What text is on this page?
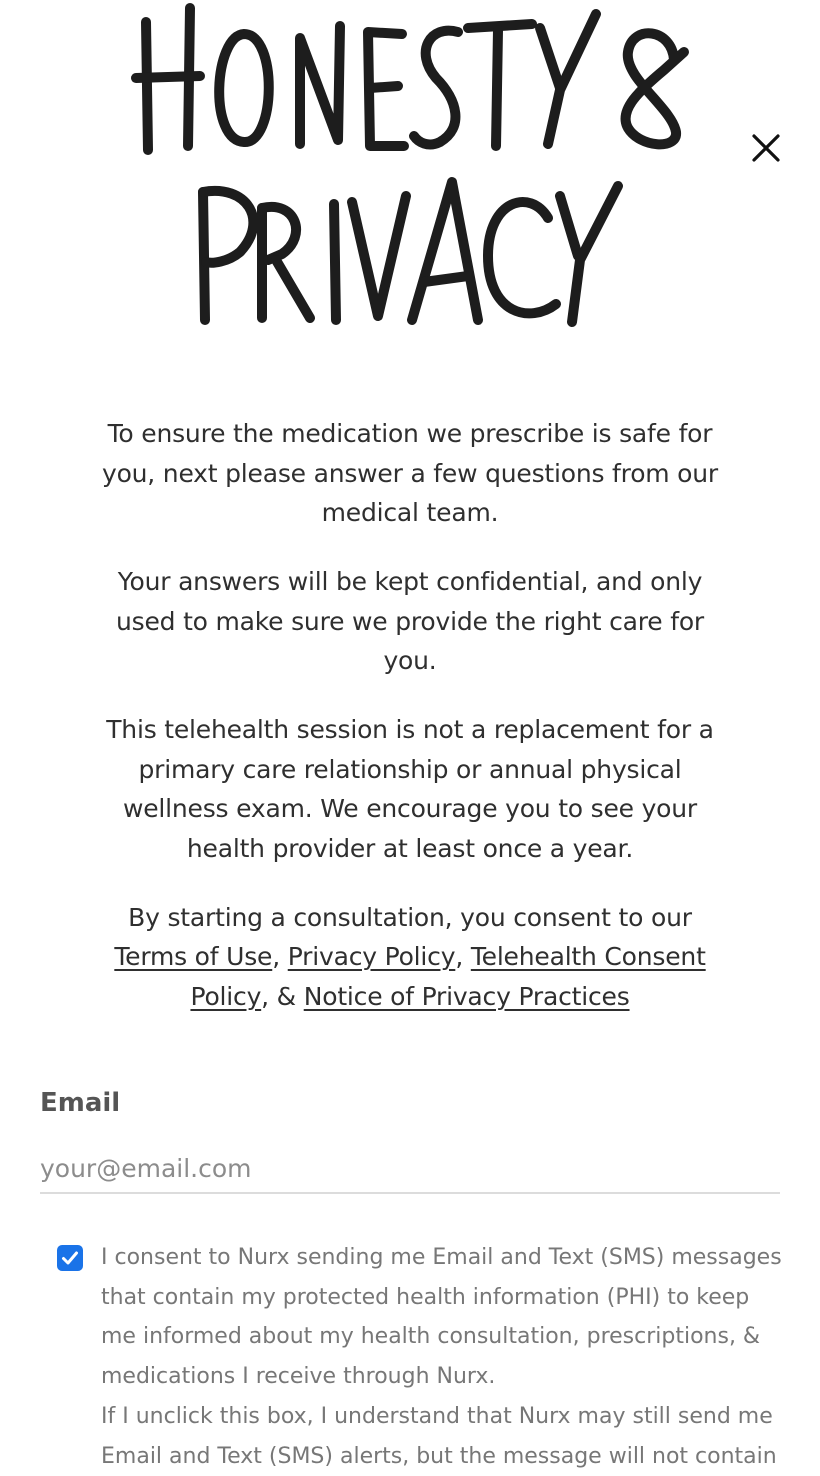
To ensure the medication we prescribe is safe for you, next please answer a few questions from our medical team.

Your answers will be kept confidential, and only used to make sure we provide the right care for you.

This telehealth session is not a replacement for a primary care relationship or annual physical wellness exam. We encourage you to see your health provider at least once a year.

By starting a consultation, you consent to our
Terms of Use, Privacy Policy, Telehealth Consent Policy, & Notice of Privacy Practices

Email
your@email.com
I consent to Nurx sending me Email and Text (SMS) messages that contain my protected health information (PHI) to keep me informed about my health consultation, prescriptions, & medications I receive through Nurx.
If I unclick this box, I understand that Nurx may still send me Email and Text (SMS) alerts, but the message will not contain
